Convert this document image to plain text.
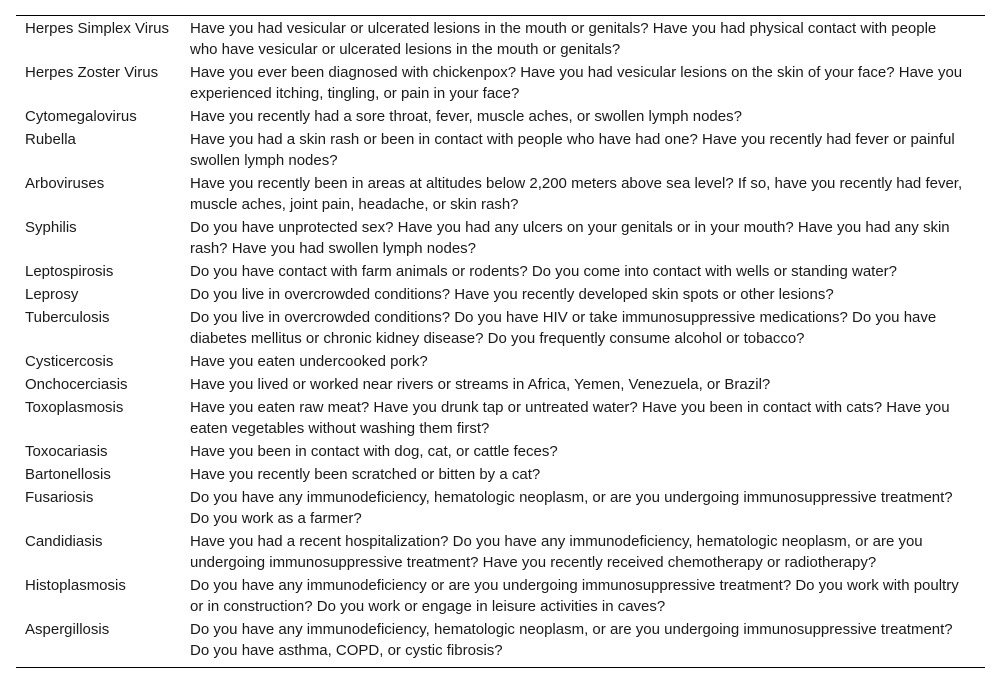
Herpes Simplex Virus	Have you had vesicular or ulcerated lesions in the mouth or genitals? Have you had physical contact with people who have vesicular or ulcerated lesions in the mouth or genitals?
Herpes Zoster Virus	Have you ever been diagnosed with chickenpox? Have you had vesicular lesions on the skin of your face? Have you experienced itching, tingling, or pain in your face?
Cytomegalovirus	Have you recently had a sore throat, fever, muscle aches, or swollen lymph nodes?
Rubella	Have you had a skin rash or been in contact with people who have had one? Have you recently had fever or painful swollen lymph nodes?
Arboviruses	Have you recently been in areas at altitudes below 2,200 meters above sea level? If so, have you recently had fever, muscle aches, joint pain, headache, or skin rash?
Syphilis	Do you have unprotected sex? Have you had any ulcers on your genitals or in your mouth? Have you had any skin rash? Have you had swollen lymph nodes?
Leptospirosis	Do you have contact with farm animals or rodents? Do you come into contact with wells or standing water?
Leprosy	Do you live in overcrowded conditions? Have you recently developed skin spots or other lesions?
Tuberculosis	Do you live in overcrowded conditions? Do you have HIV or take immunosuppressive medications? Do you have diabetes mellitus or chronic kidney disease? Do you frequently consume alcohol or tobacco?
Cysticercosis	Have you eaten undercooked pork?
Onchocerciasis	Have you lived or worked near rivers or streams in Africa, Yemen, Venezuela, or Brazil?
Toxoplasmosis	Have you eaten raw meat? Have you drunk tap or untreated water? Have you been in contact with cats? Have you eaten vegetables without washing them first?
Toxocariasis	Have you been in contact with dog, cat, or cattle feces?
Bartonellosis	Have you recently been scratched or bitten by a cat?
Fusariosis	Do you have any immunodeficiency, hematologic neoplasm, or are you undergoing immunosuppressive treatment? Do you work as a farmer?
Candidiasis	Have you had a recent hospitalization? Do you have any immunodeficiency, hematologic neoplasm, or are you undergoing immunosuppressive treatment? Have you recently received chemotherapy or radiotherapy?
Histoplasmosis	Do you have any immunodeficiency or are you undergoing immunosuppressive treatment? Do you work with poultry or in construction? Do you work or engage in leisure activities in caves?
Aspergillosis	Do you have any immunodeficiency, hematologic neoplasm, or are you undergoing immunosuppressive treatment? Do you have asthma, COPD, or cystic fibrosis?
